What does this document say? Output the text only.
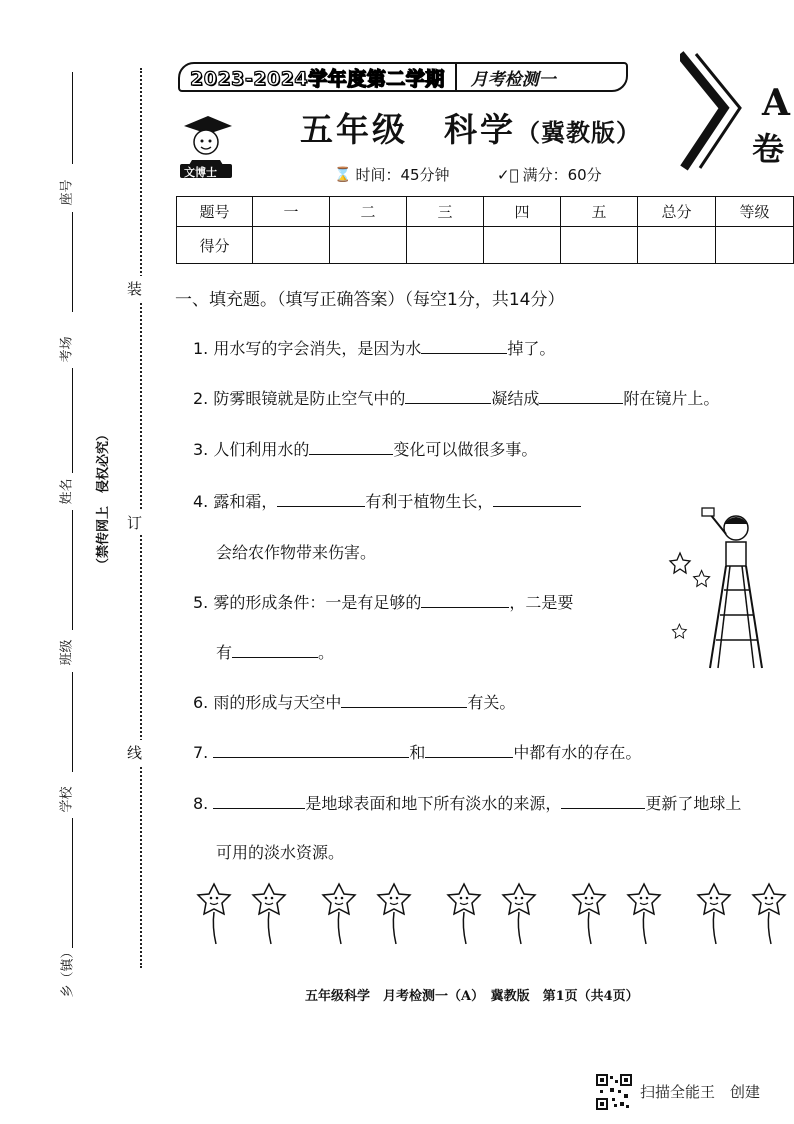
座号
考场
姓名
班级
学校
乡（镇）
（禁传网上　侵权必究）
装
订
线
2023-2024学年度第二学期	月考检测一
文博士
五年级　科学（冀教版）
⌛ 时间：45分钟	✓⃝ 满分：60分
A
卷
题号	一	二	三	四	五	总分	等级
得分							
一、填充题。（填写正确答案）（每空1分，共14分）
1. 用水写的字会消失，是因为水	掉了。
2. 防雾眼镜就是防止空气中的	凝结成	附在镜片上。
3. 人们利用水的	变化可以做很多事。
4. 露和霜，	有利于植物生长，
会给农作物带来伤害。
5. 雾的形成条件：一是有足够的	，二是要
有	。
6. 雨的形成与天空中	有关。
7.	和	中都有水的存在。
8.	是地球表面和地下所有淡水的来源，	更新了地球上
可用的淡水资源。
五年级科学　月考检测一（A）　冀教版　第1页（共4页）
扫描全能王　创建
